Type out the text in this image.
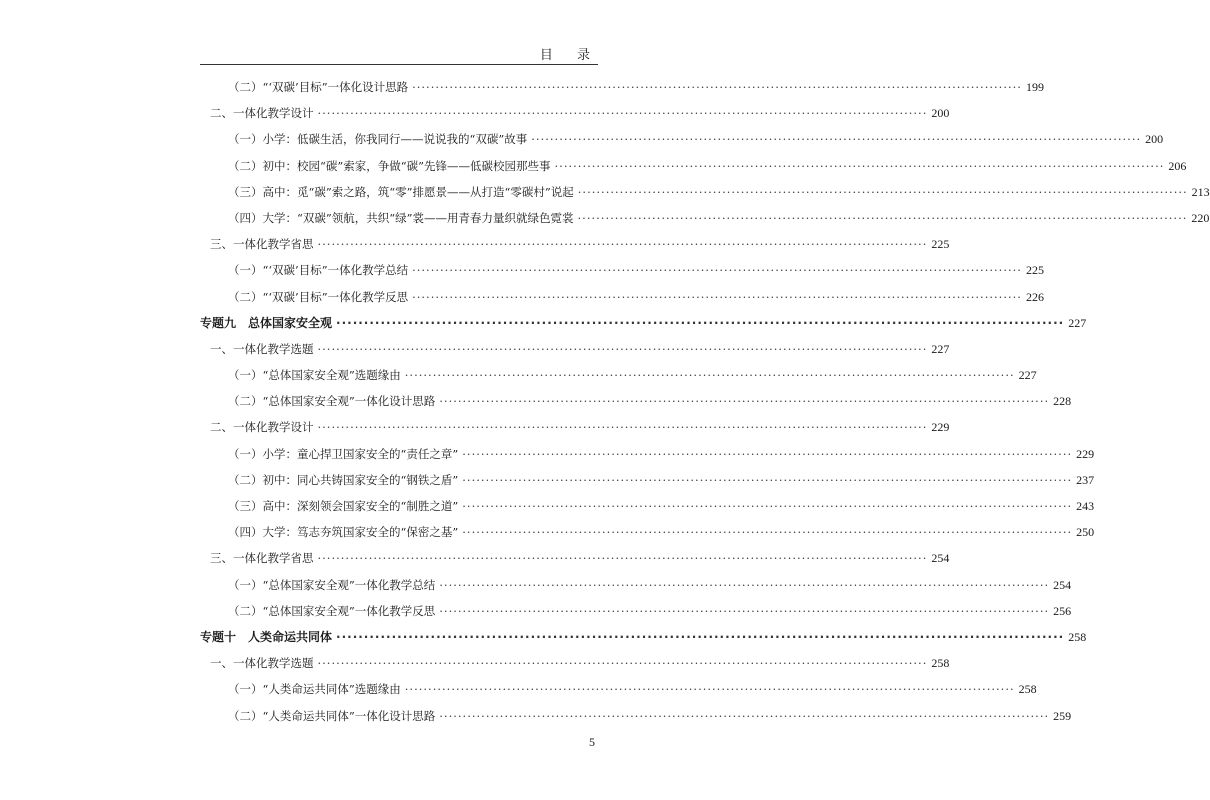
目 录
（二）“‘双碳’目标”一体化设计思路 ·····	199
二、一体化教学设计 ·····	200
（一）小学：低碳生活，你我同行——说说我的“双碳”故事 ·····	200
（二）初中：校园“碳”索家，争做“碳”先锋——低碳校园那些事 ·····	206
（三）高中：觅“碳”索之路，筑“零”排愿景——从打造“零碳村”说起 ·····	213
（四）大学：“双碳”领航，共织“绿”裳——用青春力量织就绿色霓裳 ·····	220
三、一体化教学省思 ·····	225
（一）“‘双碳’目标”一体化教学总结 ·····	225
（二）“‘双碳’目标”一体化教学反思 ·····	226
专题九　总体国家安全观 ·····	227
一、一体化教学选题 ·····	227
（一）“总体国家安全观”选题缘由 ·····	227
（二）“总体国家安全观”一体化设计思路 ·····	228
二、一体化教学设计 ·····	229
（一）小学：童心捍卫国家安全的“责任之章” ·····	229
（二）初中：同心共铸国家安全的“钢铁之盾” ·····	237
（三）高中：深刻领会国家安全的“制胜之道” ·····	243
（四）大学：笃志夯筑国家安全的“保密之基” ·····	250
三、一体化教学省思 ·····	254
（一）“总体国家安全观”一体化教学总结 ·····	254
（二）“总体国家安全观”一体化教学反思 ·····	256
专题十　人类命运共同体 ·····	258
一、一体化教学选题 ·····	258
（一）“人类命运共同体”选题缘由 ·····	258
（二）“人类命运共同体”一体化设计思路 ·····	259
5
